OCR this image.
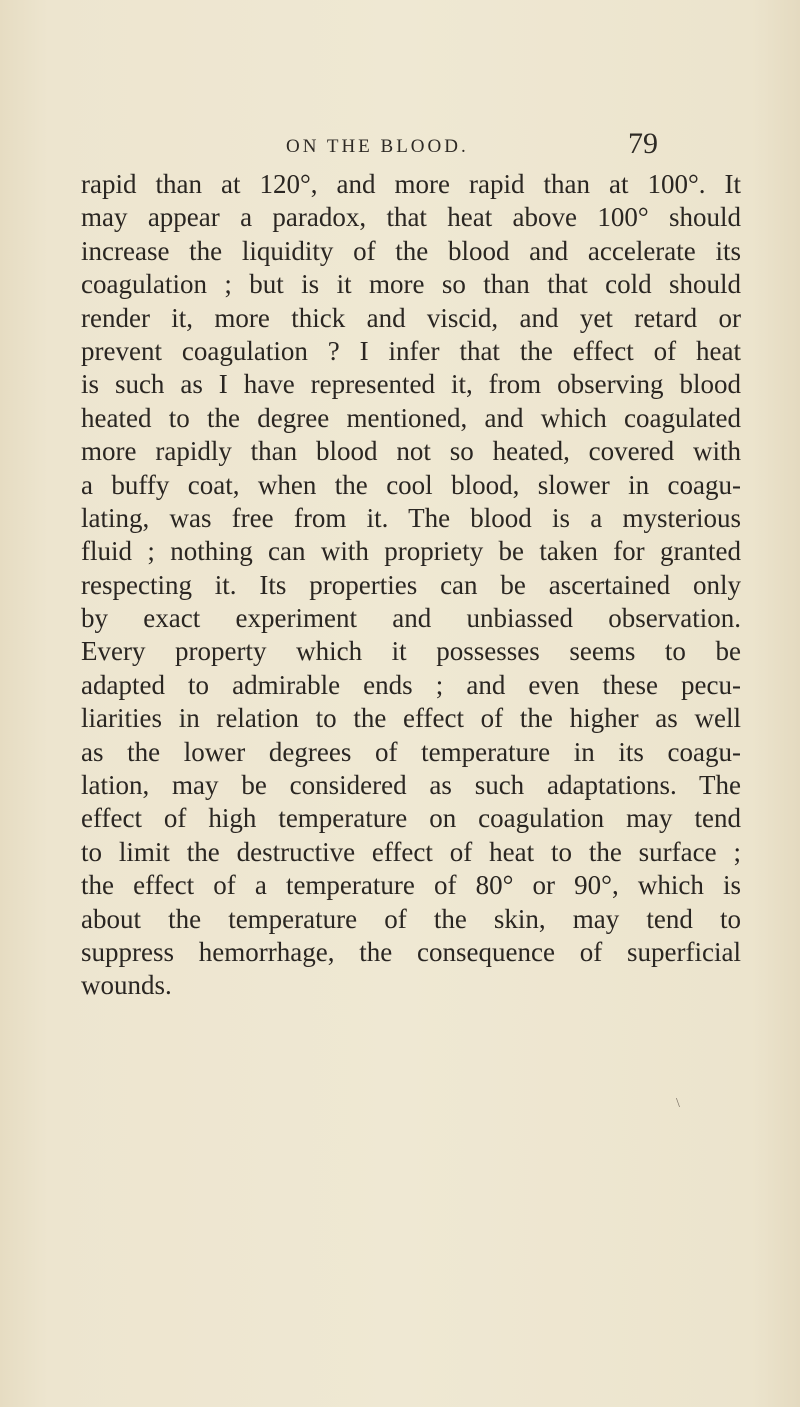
ON THE BLOOD.	79
rapid than at 120°, and more rapid than at 100°. It
may appear a paradox, that heat above 100° should
increase the liquidity of the blood and accelerate its
coagulation ; but is it more so than that cold should
render it, more thick and viscid, and yet retard or
prevent coagulation ? I infer that the effect of heat
is such as I have represented it, from observing blood
heated to the degree mentioned, and which coagulated
more rapidly than blood not so heated, covered with
a buffy coat, when the cool blood, slower in coagu-
lating, was free from it. The blood is a mysterious
fluid ; nothing can with propriety be taken for granted
respecting it. Its properties can be ascertained only
by exact experiment and unbiassed observation.
Every property which it possesses seems to be
adapted to admirable ends ; and even these pecu-
liarities in relation to the effect of the higher as well
as the lower degrees of temperature in its coagu-
lation, may be considered as such adaptations. The
effect of high temperature on coagulation may tend
to limit the destructive effect of heat to the surface ;
the effect of a temperature of 80° or 90°, which is
about the temperature of the skin, may tend to
suppress hemorrhage, the consequence of superficial
wounds.
\
